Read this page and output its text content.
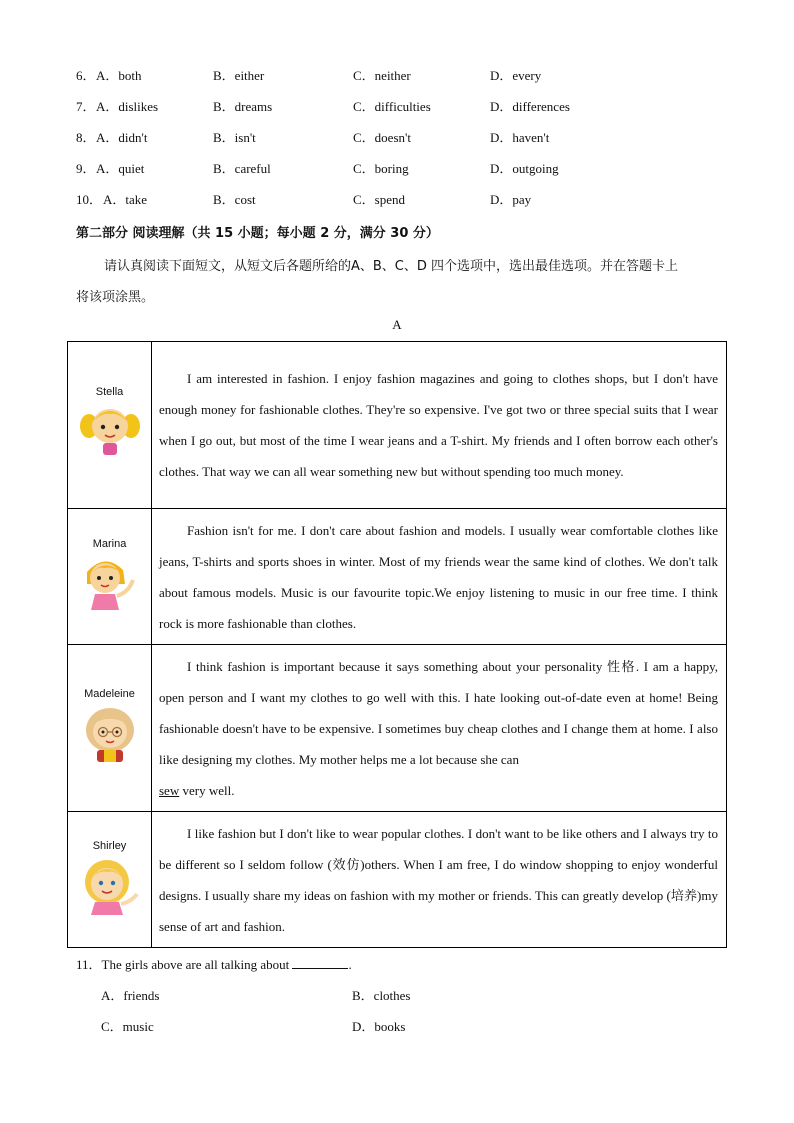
6． A．both	B．either	C．neither	D．every
7． A．dislikes	B．dreams	C．difficulties	D．differences
8． A．didn't	B．isn't	C．doesn't	D．haven't
9． A．quiet	B．careful	C．boring	D．outgoing
10． A．take	B．cost	C．spend	D．pay
第二部分 阅读理解（共 15 小题；每小题 2 分，满分 30 分）
请认真阅读下面短文，从短文后各题所给的A、B、C、D 四个选项中，选出最佳选项。并在答题卡上
将该项涂黑。
A
Stella	I am interested in fashion. I enjoy fashion magazines and going to clothes shops, but I don't have enough money for fashionable clothes. They're so expensive. I've got two or three special suits that I wear when I go out, but most of the time I wear jeans and a T-shirt. My friends and I often borrow each other's clothes. That way we can all wear something new but without spending too much money.

Marina	Fashion isn't for me. I don't care about fashion and models. I usually wear comfortable clothes like jeans, T-shirts and sports shoes in winter. Most of my friends wear the same kind of clothes. We don't talk about famous models. Music is our favourite topic.We enjoy listening to music in our free time. I think rock is more fashionable than clothes.

Madeleine	I think fashion is important because it says something about your personality 性格. I am a happy, open person and I want my clothes to go well with this. I hate looking out-of-date even at home! Being fashionable doesn't have to be expensive. I sometimes buy cheap clothes and I change them at home. I also like designing my clothes. My mother helps me a lot because she can
sew very well.

Shirley	I like fashion but I don't like to wear popular clothes. I don't want to be like others and I always try to be different so I seldom follow (效仿)others. When I am free, I do window shopping to enjoy wonderful designs. I usually share my ideas on fashion with my mother or friends. This can greatly develop (培养)my sense of art and fashion.
11．The girls above are all talking about	.
A．friends	B．clothes
C．music	D．books
